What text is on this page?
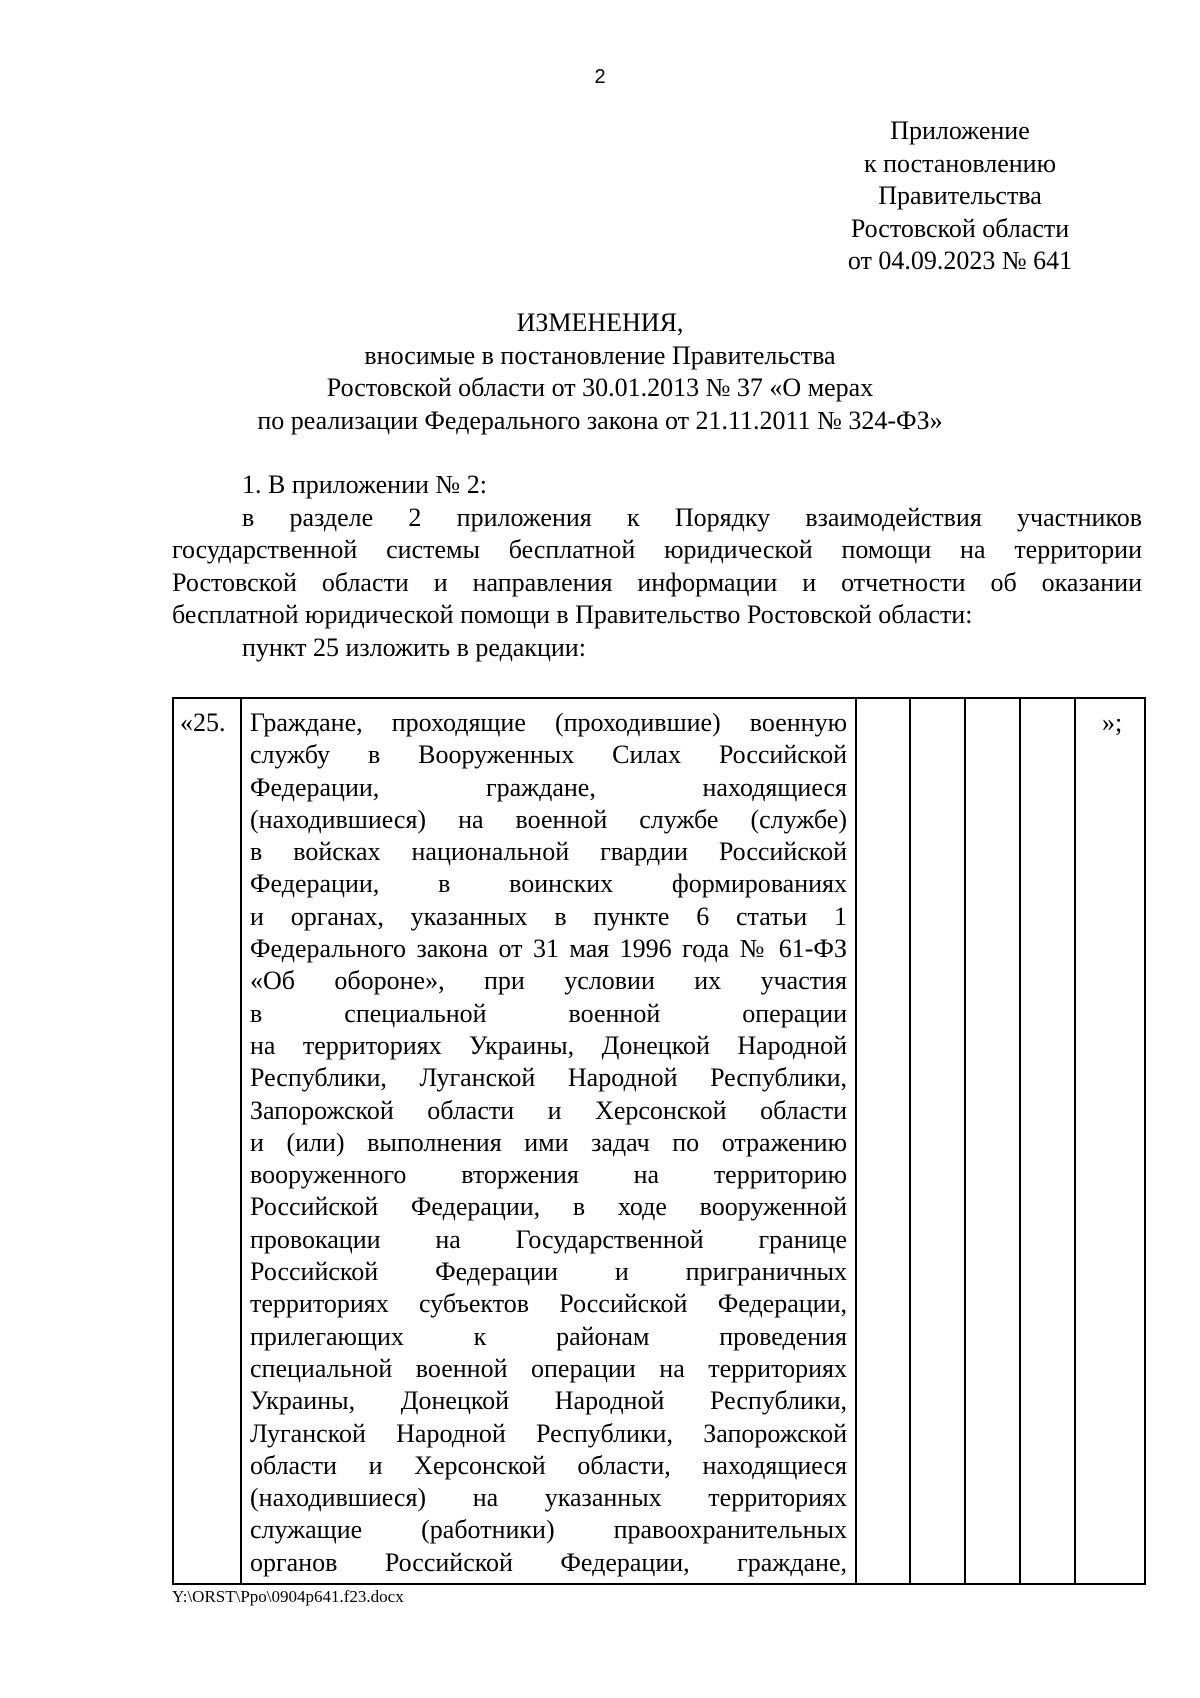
2
Приложение
к постановлению
Правительства
Ростовской области
от 04.09.2023 № 641
ИЗМЕНЕНИЯ,
вносимые в постановление Правительства
Ростовской области от 30.01.2013 № 37 «О мерах
по реализации Федерального закона от 21.11.2011 № 324-ФЗ»
1. В приложении № 2:
в разделе 2 приложения к Порядку взаимодействия участников
государственной системы бесплатной юридической помощи на территории
Ростовской области и направления информации и отчетности об оказании
бесплатной юридической помощи в Правительство Ростовской области:
пункт 25 изложить в редакции:
«25. Граждане, проходящие (проходившие) военную
службу в Вооруженных Силах Российской
Федерации, граждане, находящиеся
(находившиеся) на военной службе (службе)
в войсках национальной гвардии Российской
Федерации, в воинских формированиях
и органах, указанных в пункте 6 статьи 1
Федерального закона от 31 мая 1996 года № 61-ФЗ
«Об обороне», при условии их участия
в специальной военной операции
на территориях Украины, Донецкой Народной
Республики, Луганской Народной Республики,
Запорожской области и Херсонской области
и (или) выполнения ими задач по отражению
вооруженного вторжения на территорию
Российской Федерации, в ходе вооруженной
провокации на Государственной границе
Российской Федерации и приграничных
территориях субъектов Российской Федерации,
прилегающих к районам проведения
специальной военной операции на территориях
Украины, Донецкой Народной Республики,
Луганской Народной Республики, Запорожской
области и Херсонской области, находящиеся
(находившиеся) на указанных территориях
служащие (работники) правоохранительных
органов Российской Федерации, граждане,
»;
Y:\ORST\Ppo\0904p641.f23.docx
